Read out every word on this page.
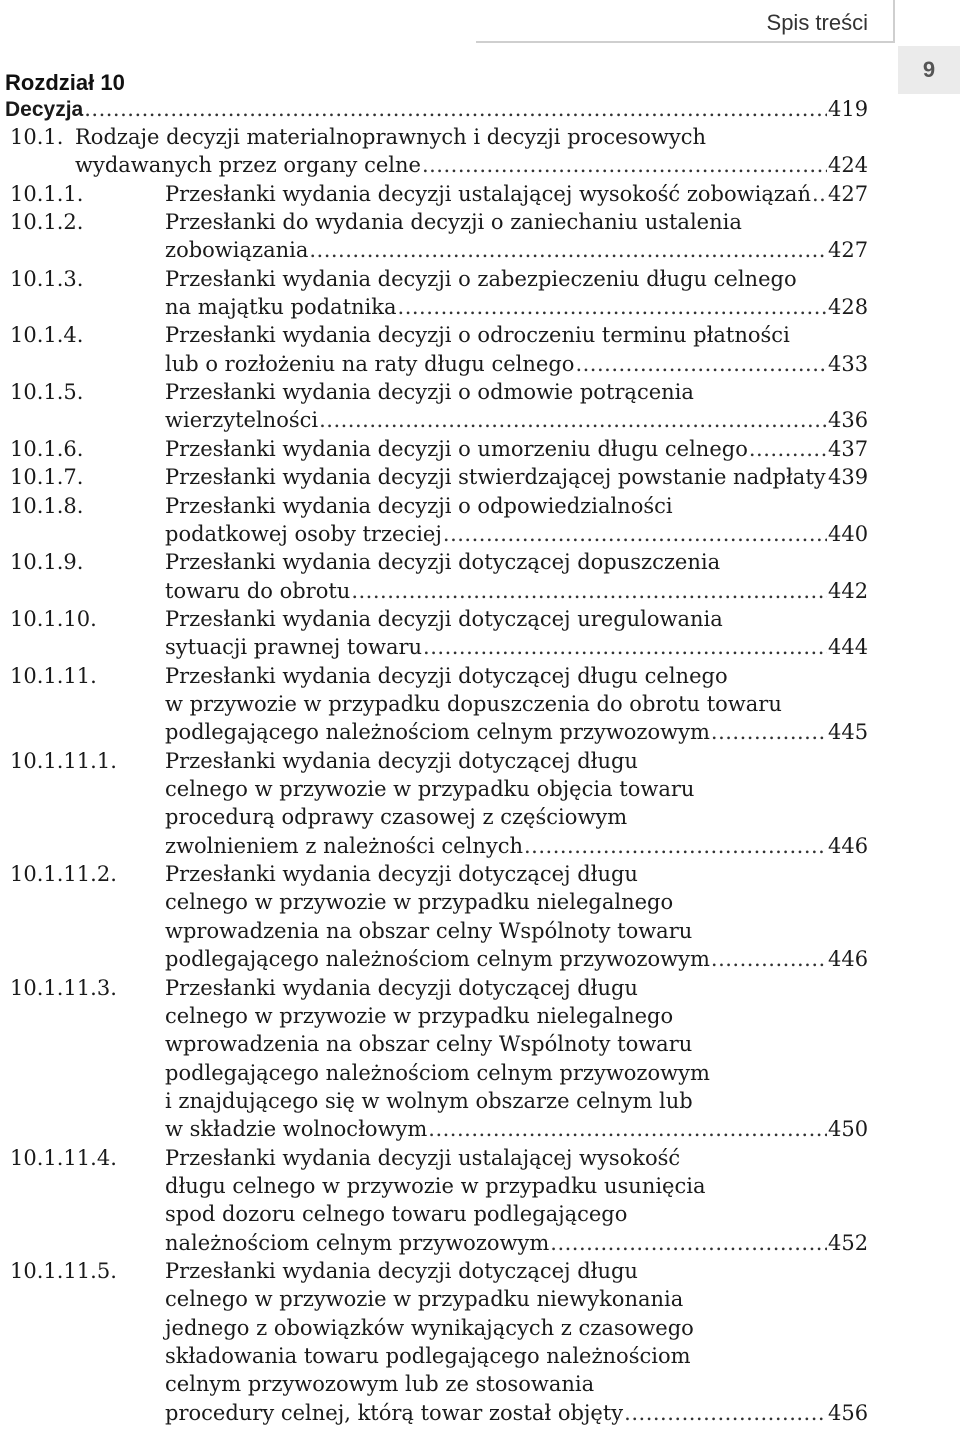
Spis treści
9
Rozdział 10
Decyzja .....	419
10.1. Rodzaje decyzji materialnoprawnych i decyzji procesowych
wydawanych przez organy celne .....	424
10.1.1.	Przesłanki wydania decyzji ustalającej wysokość zobowiązań ..... 427
10.1.2.	Przesłanki do wydania decyzji o zaniechaniu ustalenia
zobowiązania .....	427
10.1.3.	Przesłanki wydania decyzji o zabezpieczeniu długu celnego
na majątku podatnika .....	428
10.1.4.	Przesłanki wydania decyzji o odroczeniu terminu płatności
lub o rozłożeniu na raty długu celnego .....	433
10.1.5.	Przesłanki wydania decyzji o odmowie potrącenia
wierzytelności .....	436
10.1.6.	Przesłanki wydania decyzji o umorzeniu długu celnego .....	437
10.1.7.	Przesłanki wydania decyzji stwierdzającej powstanie nadpłaty ..... 439
10.1.8.	Przesłanki wydania decyzji o odpowiedzialności
podatkowej osoby trzeciej .....	440
10.1.9.	Przesłanki wydania decyzji dotyczącej dopuszczenia
towaru do obrotu .....	442
10.1.10.	Przesłanki wydania decyzji dotyczącej uregulowania
sytuacji prawnej towaru .....	444
10.1.11.	Przesłanki wydania decyzji dotyczącej długu celnego
w przywozie w przypadku dopuszczenia do obrotu towaru
podlegającego należnościom celnym przywozowym .....	445
10.1.11.1. Przesłanki wydania decyzji dotyczącej długu
celnego w przywozie w przypadku objęcia towaru
procedurą odprawy czasowej z częściowym
zwolnieniem z należności celnych .....	446
10.1.11.2. Przesłanki wydania decyzji dotyczącej długu
celnego w przywozie w przypadku nielegalnego
wprowadzenia na obszar celny Wspólnoty towaru
podlegającego należnościom celnym przywozowym .....	446
10.1.11.3. Przesłanki wydania decyzji dotyczącej długu
celnego w przywozie w przypadku nielegalnego
wprowadzenia na obszar celny Wspólnoty towaru
podlegającego należnościom celnym przywozowym
i znajdującego się w wolnym obszarze celnym lub
w składzie wolnocłowym .....	450
10.1.11.4. Przesłanki wydania decyzji ustalającej wysokość
długu celnego w przywozie w przypadku usunięcia
spod dozoru celnego towaru podlegającego
należnościom celnym przywozowym .....	452
10.1.11.5. Przesłanki wydania decyzji dotyczącej długu
celnego w przywozie w przypadku niewykonania
jednego z obowiązków wynikających z czasowego
składowania towaru podlegającego należnościom
celnym przywozowym lub ze stosowania
procedury celnej, którą towar został objęty .....	456
